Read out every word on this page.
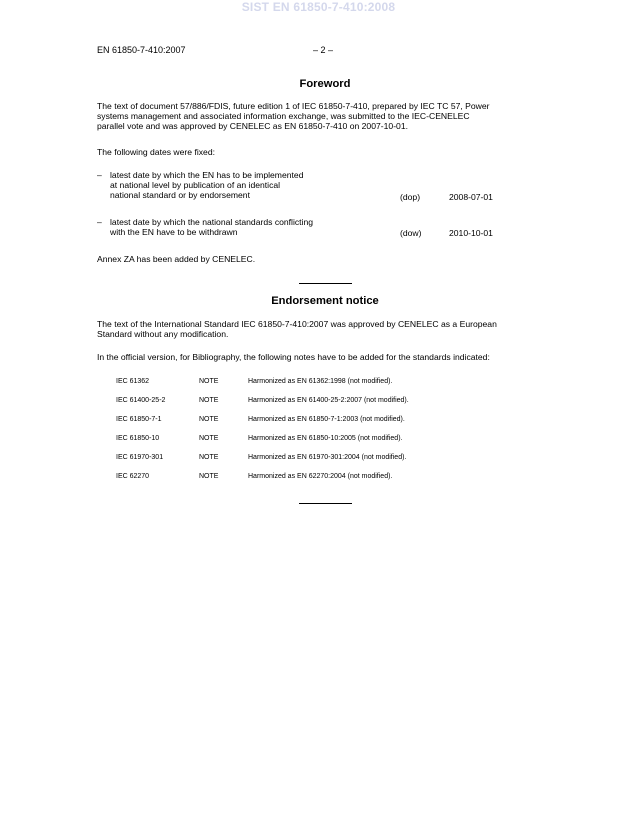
SIST EN 61850-7-410:2008
EN 61850-7-410:2007	– 2 –
Foreword
The text of document 57/886/FDIS, future edition 1 of IEC 61850-7-410, prepared by IEC TC 57, Power
systems management and associated information exchange, was submitted to the IEC-CENELEC
parallel vote and was approved by CENELEC as EN 61850-7-410 on 2007-10-01.
The following dates were fixed:
– latest date by which the EN has to be implemented
at national level by publication of an identical
national standard or by endorsement	(dop)	2008-07-01
– latest date by which the national standards conflicting
with the EN have to be withdrawn	(dow)	2010-10-01
Annex ZA has been added by CENELEC.
Endorsement notice
The text of the International Standard IEC 61850-7-410:2007 was approved by CENELEC as a European
Standard without any modification.
In the official version, for Bibliography, the following notes have to be added for the standards indicated:
IEC 61362	NOTE	Harmonized as EN 61362:1998 (not modified).
IEC 61400-25-2	NOTE	Harmonized as EN 61400-25-2:2007 (not modified).
IEC 61850-7-1	NOTE	Harmonized as EN 61850-7-1:2003 (not modified).
IEC 61850-10	NOTE	Harmonized as EN 61850-10:2005 (not modified).
IEC 61970-301	NOTE	Harmonized as EN 61970-301:2004 (not modified).
IEC 62270	NOTE	Harmonized as EN 62270:2004 (not modified).
